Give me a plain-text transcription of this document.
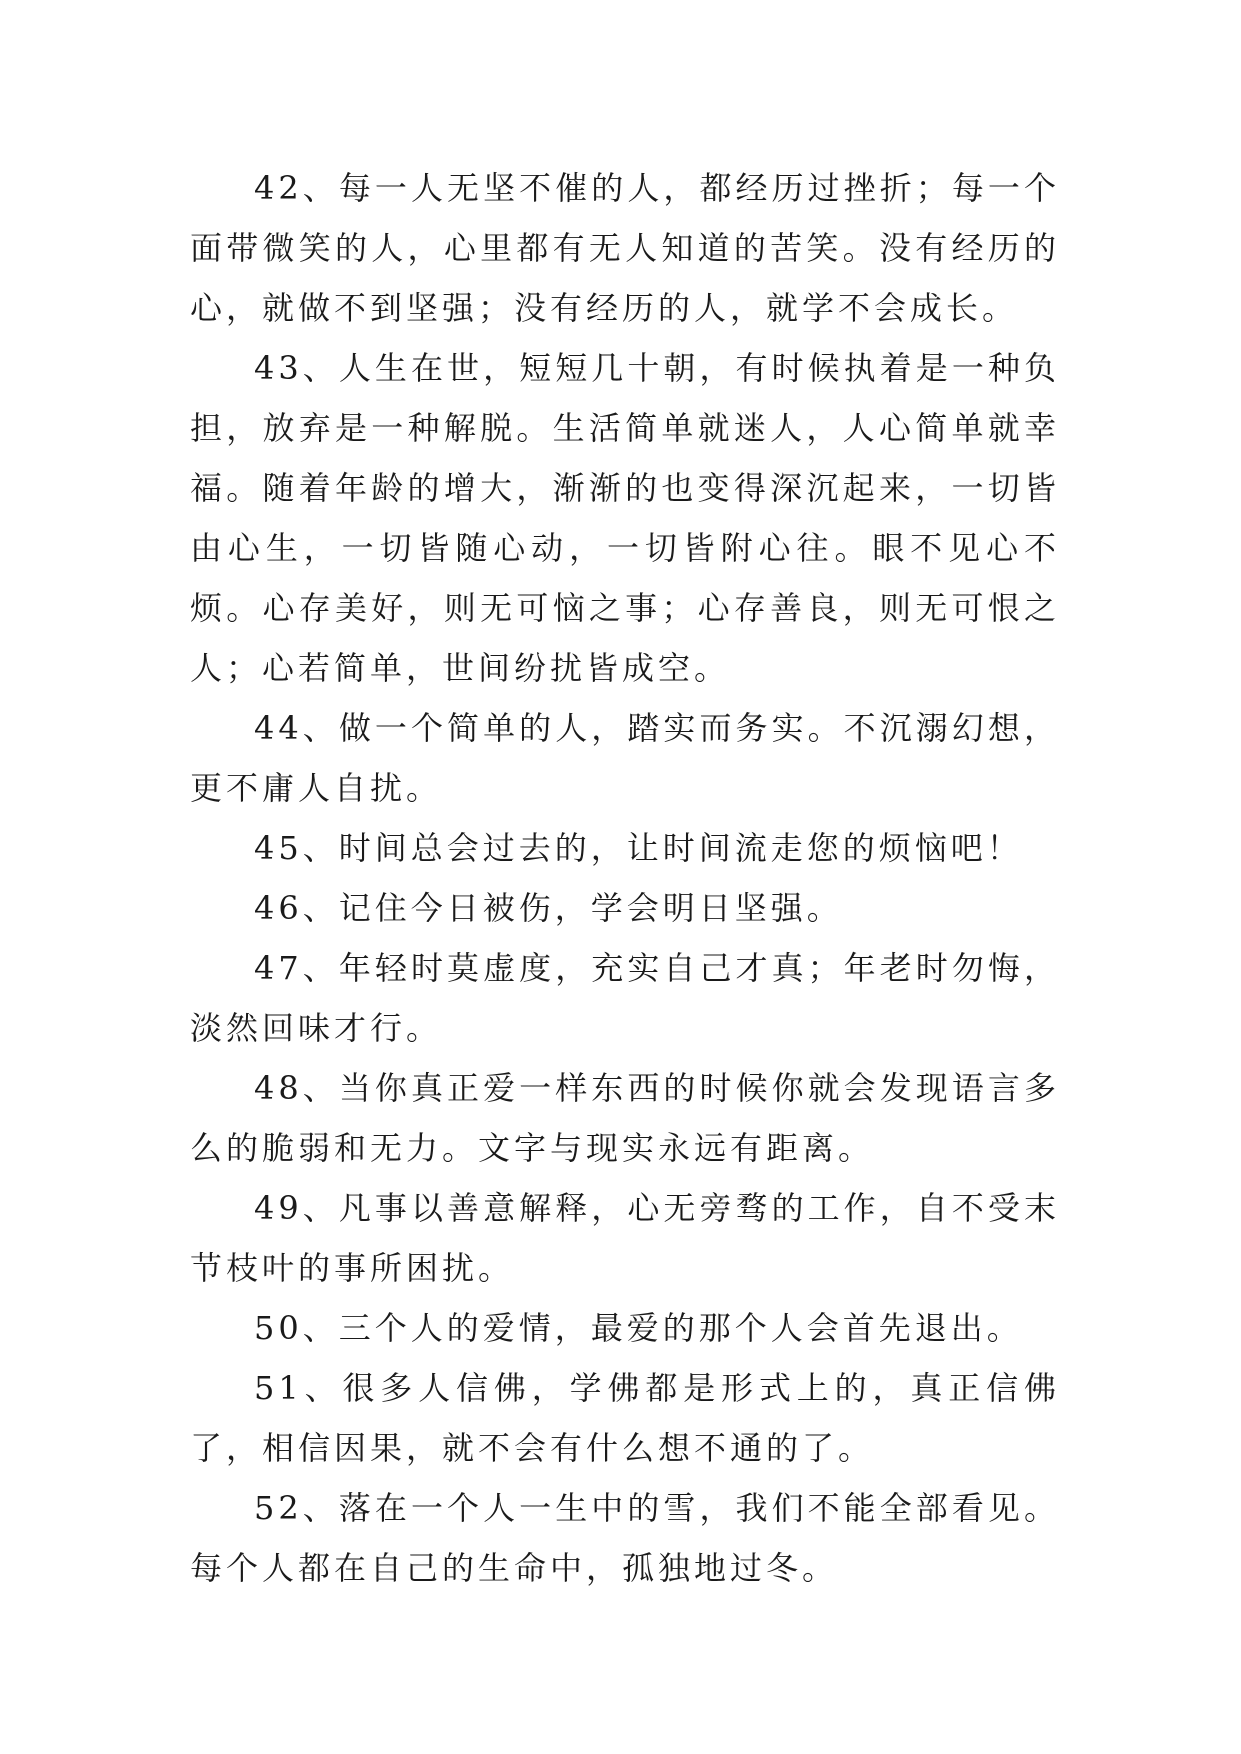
42、每一人无坚不催的人，都经历过挫折；每一个面带微笑的人，心里都有无人知道的苦笑。没有经历的心，就做不到坚强；没有经历的人，就学不会成长。

43、人生在世，短短几十朝，有时候执着是一种负担，放弃是一种解脱。生活简单就迷人，人心简单就幸福。随着年龄的增大，渐渐的也变得深沉起来，一切皆由心生，一切皆随心动，一切皆附心往。眼不见心不烦。心存美好，则无可恼之事；心存善良，则无可恨之人；心若简单，世间纷扰皆成空。

44、做一个简单的人，踏实而务实。不沉溺幻想，更不庸人自扰。

45、时间总会过去的，让时间流走您的烦恼吧！

46、记住今日被伤，学会明日坚强。

47、年轻时莫虚度，充实自己才真；年老时勿悔，淡然回味才行。

48、当你真正爱一样东西的时候你就会发现语言多么的脆弱和无力。文字与现实永远有距离。

49、凡事以善意解释，心无旁骛的工作，自不受末节枝叶的事所困扰。

50、三个人的爱情，最爱的那个人会首先退出。

51、很多人信佛，学佛都是形式上的，真正信佛了，相信因果，就不会有什么想不通的了。

52、落在一个人一生中的雪，我们不能全部看见。每个人都在自己的生命中，孤独地过冬。
